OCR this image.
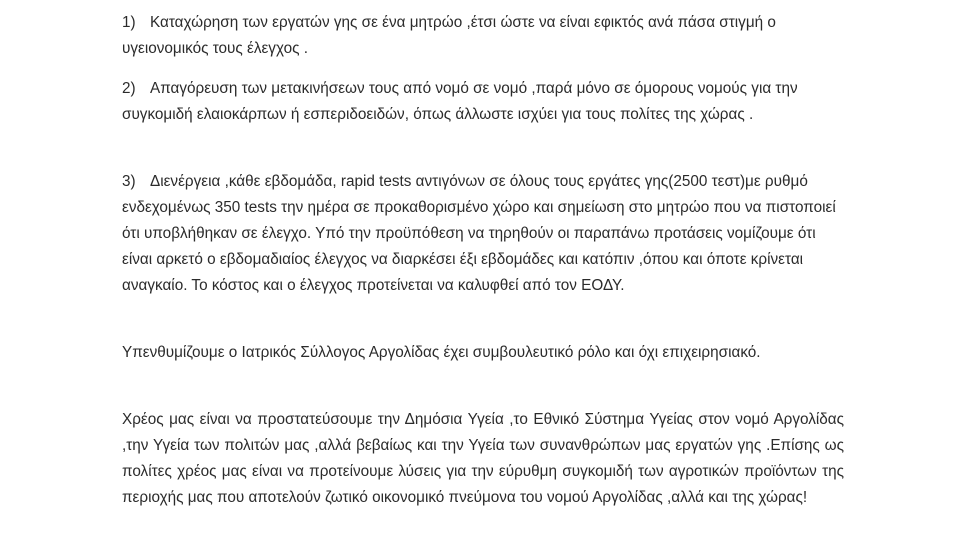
1) Καταχώρηση των εργατών γης σε ένα μητρώο ,έτσι ώστε να είναι εφικτός ανά πάσα στιγμή ο υγειονομικός τους έλεγχος .

2) Απαγόρευση των μετακινήσεων τους από νομό σε νομό ,παρά μόνο σε όμορους νομούς για την συγκομιδή ελαιοκάρπων ή εσπεριδοειδών, όπως άλλωστε ισχύει για τους πολίτες της χώρας .

3) Διενέργεια ,κάθε εβδομάδα, rapid tests αντιγόνων σε όλους τους εργάτες γης(2500 τεστ)με ρυθμό ενδεχομένως 350 tests την ημέρα σε προκαθορισμένο χώρο και σημείωση στο μητρώο που να πιστοποιεί ότι υποβλήθηκαν σε έλεγχο. Υπό την προϋπόθεση να τηρηθούν οι παραπάνω προτάσεις νομίζουμε ότι είναι αρκετό ο εβδομαδιαίος έλεγχος να διαρκέσει έξι εβδομάδες και κατόπιν ,όπου και όποτε κρίνεται αναγκαίο. Το κόστος και ο έλεγχος προτείνεται να καλυφθεί από τον ΕΟΔΥ.

Υπενθυμίζουμε ο Ιατρικός Σύλλογος Αργολίδας έχει συμβουλευτικό ρόλο και όχι επιχειρησιακό.

Χρέος μας είναι να προστατεύσουμε την Δημόσια Υγεία ,το Εθνικό Σύστημα Υγείας στον νομό Αργολίδας ,την Υγεία των πολιτών μας ,αλλά βεβαίως και την Υγεία των συνανθρώπων μας εργατών γης .Επίσης ως πολίτες χρέος μας είναι να προτείνουμε λύσεις για την εύρυθμη συγκομιδή των αγροτικών προϊόντων της περιοχής μας που αποτελούν ζωτικό οικονομικό πνεύμονα του νομού Αργολίδας ,αλλά και της χώρας!
